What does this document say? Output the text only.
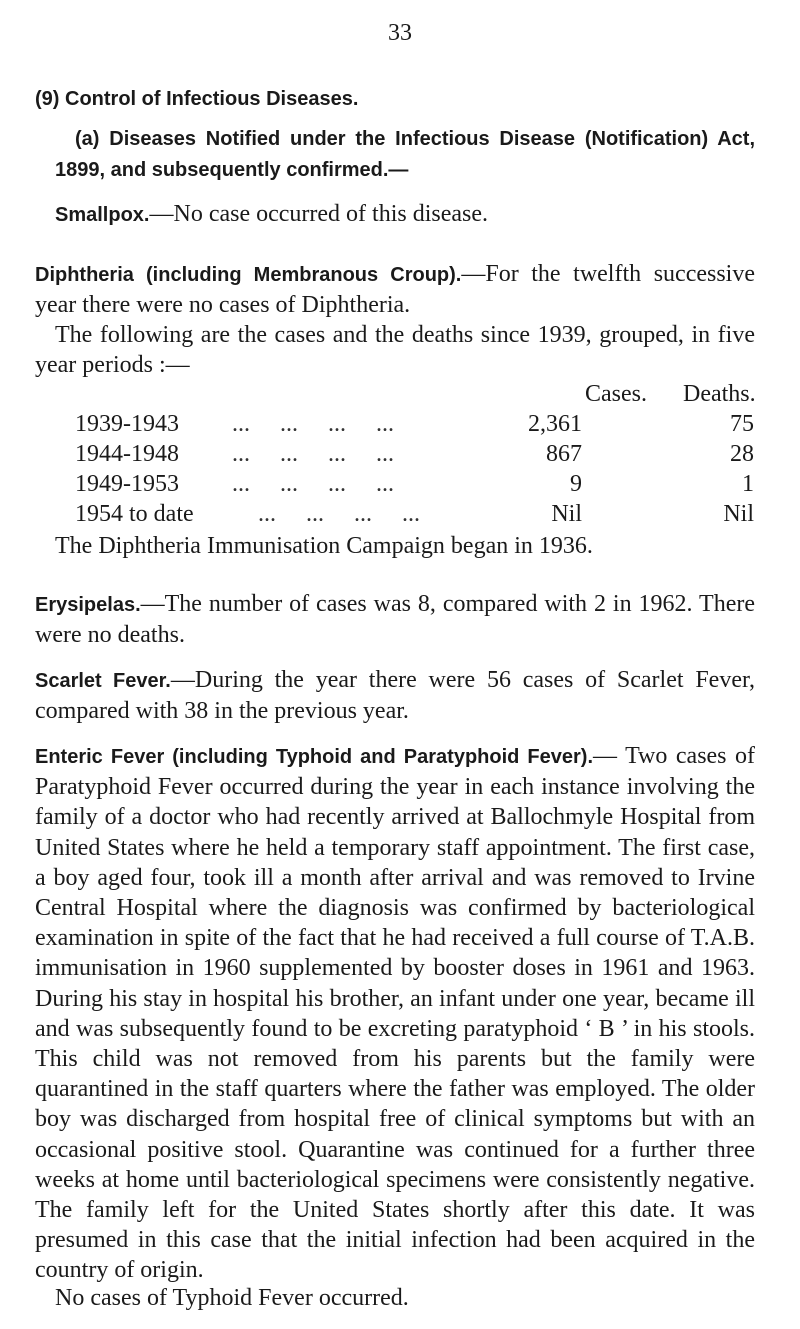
33

(9) Control of Infectious Diseases.

(a) Diseases Notified under the Infectious Disease (Notification) Act, 1899, and subsequently confirmed.—

Smallpox.—No case occurred of this disease.

Diphtheria (including Membranous Croup).—For the twelfth successive year there were no cases of Diphtheria.

The following are the cases and the deaths since 1939, grouped, in five year periods :—

Cases. Deaths.
1939-1943 ...     ...     ...     ...	2,361	75
1944-1948 ...     ...     ...     ...	867	28
1949-1953 ...     ...     ...     ...	9	1
1954 to date	...     ...     ...     ...	Nil	Nil

The Diphtheria Immunisation Campaign began in 1936.

Erysipelas.—The number of cases was 8, compared with 2 in 1962. There were no deaths.

Scarlet Fever.—During the year there were 56 cases of Scarlet Fever, compared with 38 in the previous year.

Enteric Fever (including Typhoid and Paratyphoid Fever).— Two cases of Paratyphoid Fever occurred during the year in each instance involving the family of a doctor who had recently arrived at Ballochmyle Hospital from United States where he held a temporary staff appointment. The first case, a boy aged four, took ill a month after arrival and was removed to Irvine Central Hospital where the diagnosis was confirmed by bacteriological examination in spite of the fact that he had received a full course of T.A.B. immunisation in 1960 supplemented by booster doses in 1961 and 1963. During his stay in hospital his brother, an infant under one year, became ill and was subsequently found to be excreting paratyphoid ‘ B ’ in his stools. This child was not removed from his parents but the family were quarantined in the staff quarters where the father was employed. The older boy was discharged from hospital free of clinical symptoms but with an occasional positive stool. Quarantine was continued for a further three weeks at home until bacteriological specimens were consistently negative. The family left for the United States shortly after this date. It was presumed in this case that the initial infection had been acquired in the country of origin.

No cases of Typhoid Fever occurred.
